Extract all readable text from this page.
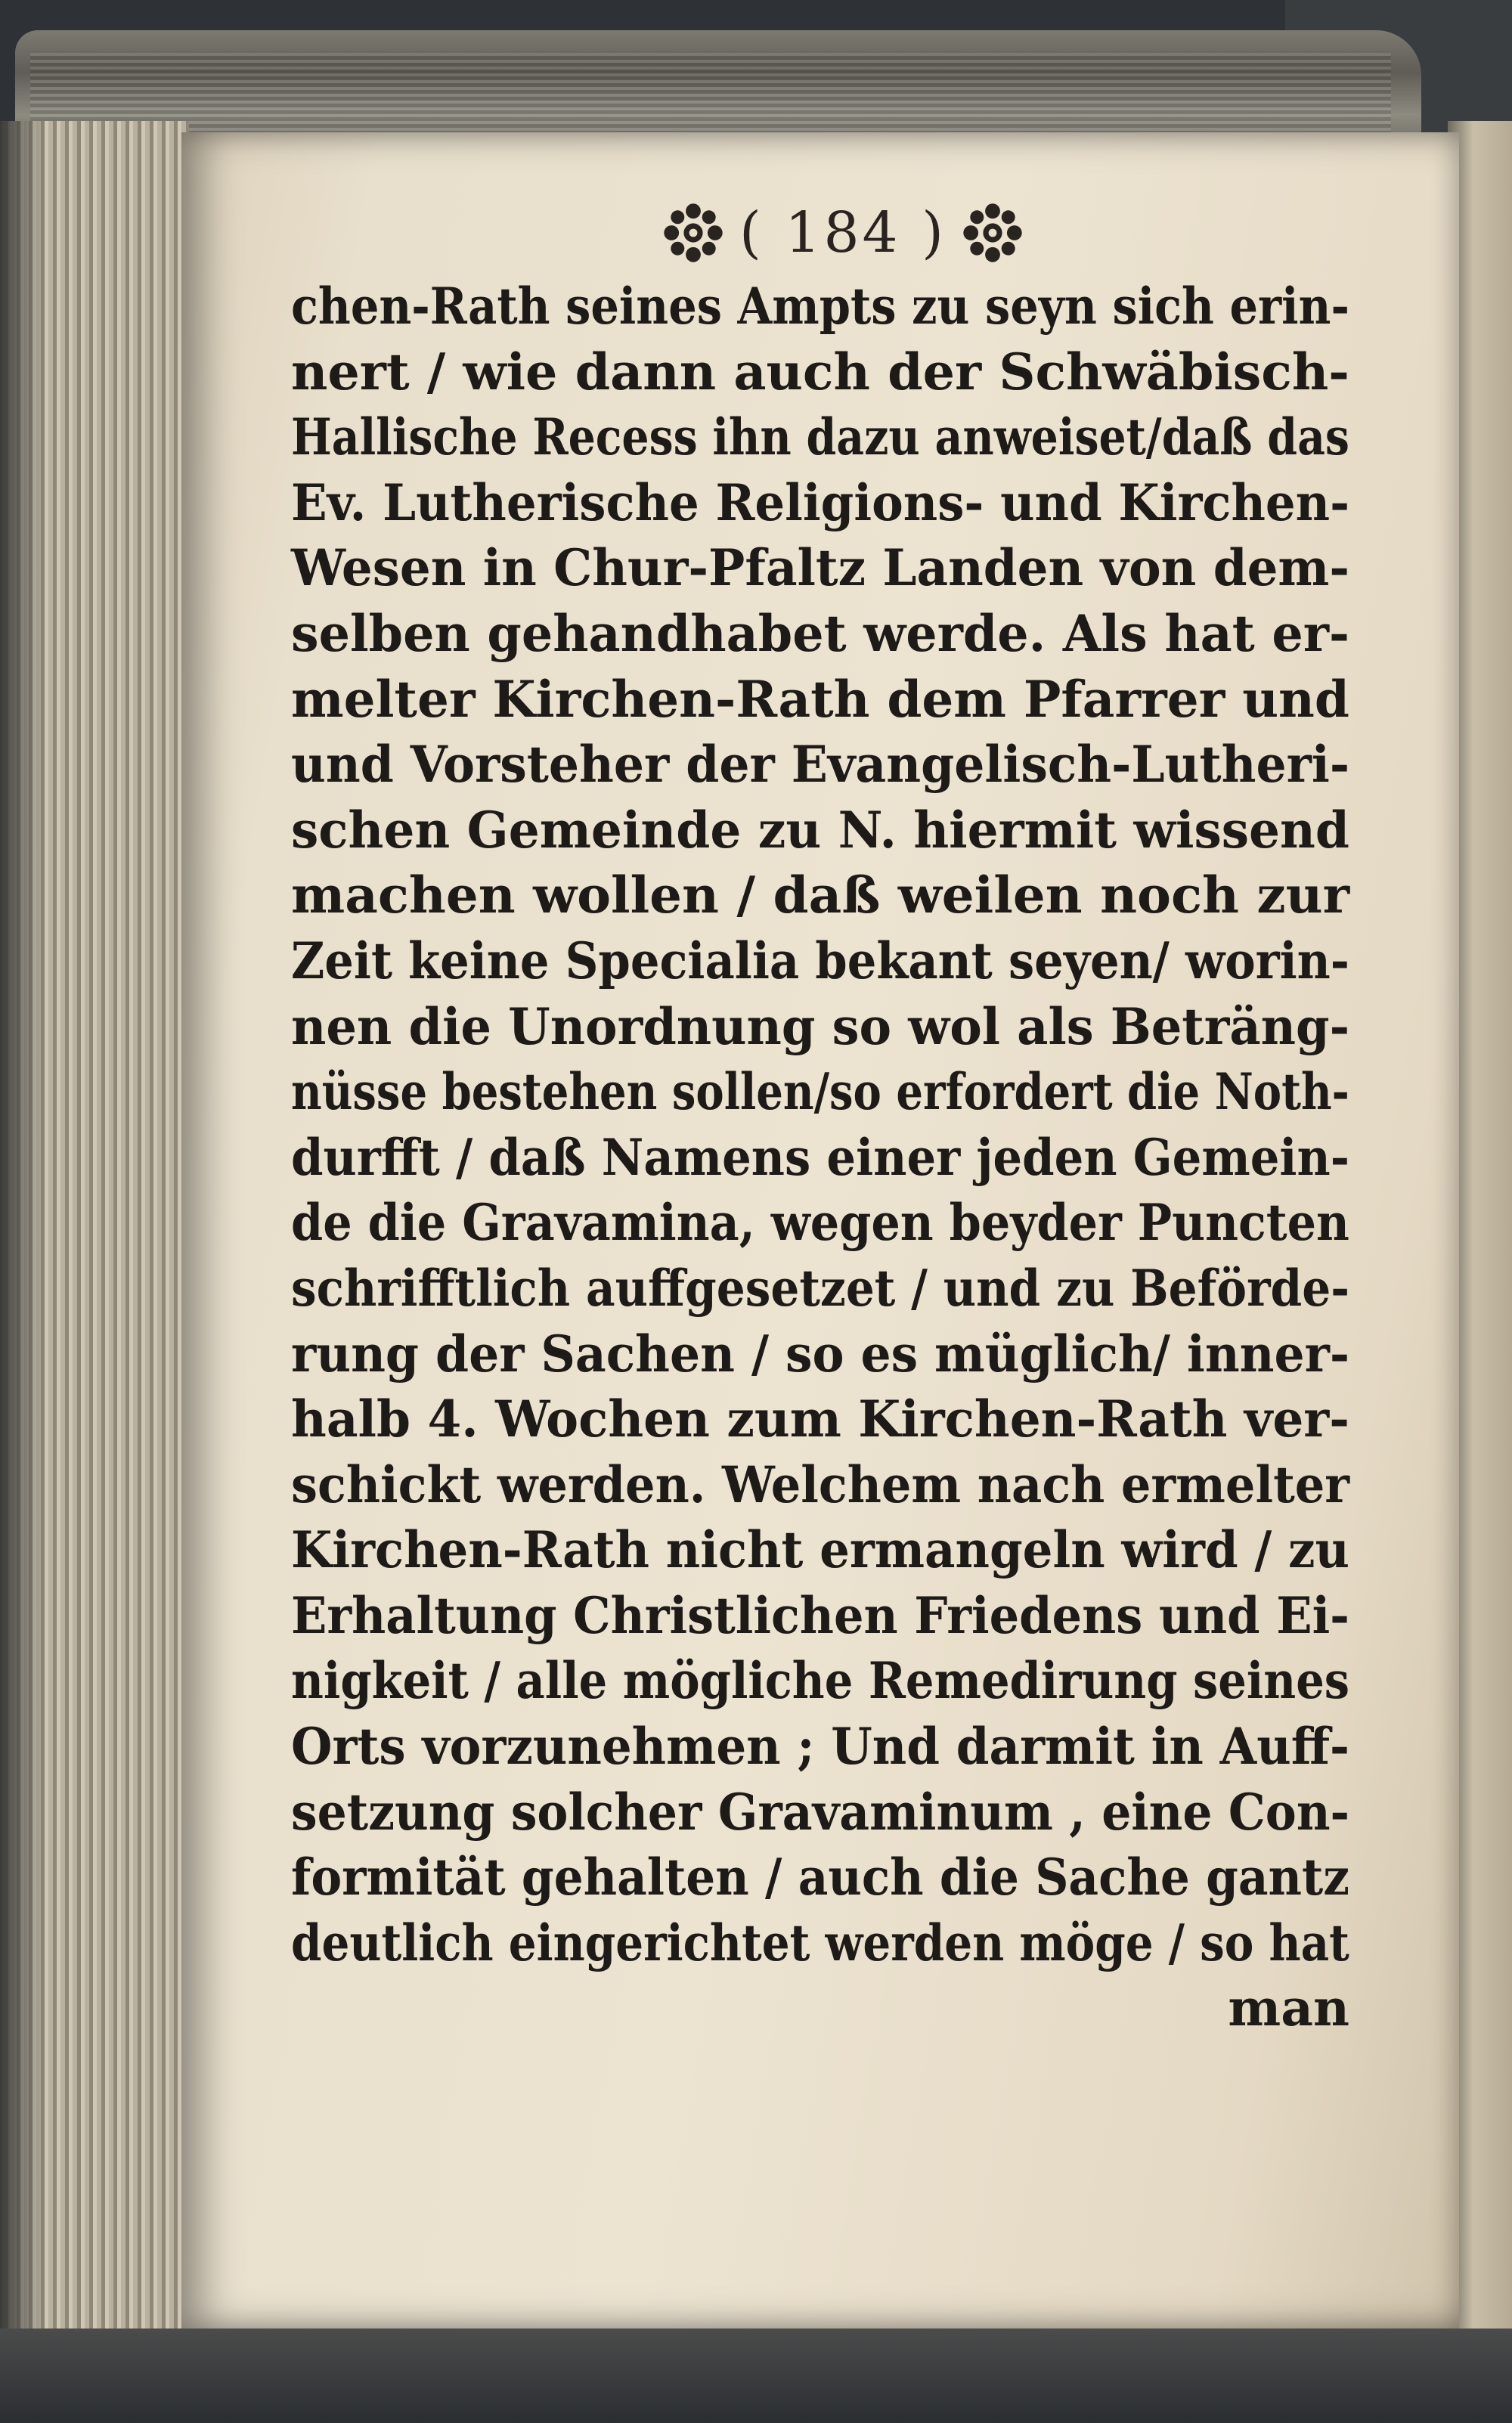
( 184 )
chen-Rath seines Ampts zu seyn sich erin-
nert / wie dann auch der Schwäbisch-
Hallische Recess ihn dazu anweiset/daß das
Ev. Lutherische Religions- und Kirchen-
Wesen in Chur-Pfaltz Landen von dem-
selben gehandhabet werde. Als hat er-
melter Kirchen-Rath dem Pfarrer und
und Vorsteher der Evangelisch-Lutheri-
schen Gemeinde zu N. hiermit wissend
machen wollen / daß weilen noch zur
Zeit keine Specialia bekant seyen/ worin-
nen die Unordnung so wol als Beträng-
nüsse bestehen sollen/so erfordert die Noth-
durfft / daß Namens einer jeden Gemein-
de die Gravamina, wegen beyder Puncten
schrifftlich auffgesetzet / und zu Beförde-
rung der Sachen / so es müglich/ inner-
halb 4. Wochen zum Kirchen-Rath ver-
schickt werden. Welchem nach ermelter
Kirchen-Rath nicht ermangeln wird / zu
Erhaltung Christlichen Friedens und Ei-
nigkeit / alle mögliche Remedirung seines
Orts vorzunehmen ; Und darmit in Auff-
setzung solcher Gravaminum , eine Con-
formität gehalten / auch die Sache gantz
deutlich eingerichtet werden möge / so hat
man
